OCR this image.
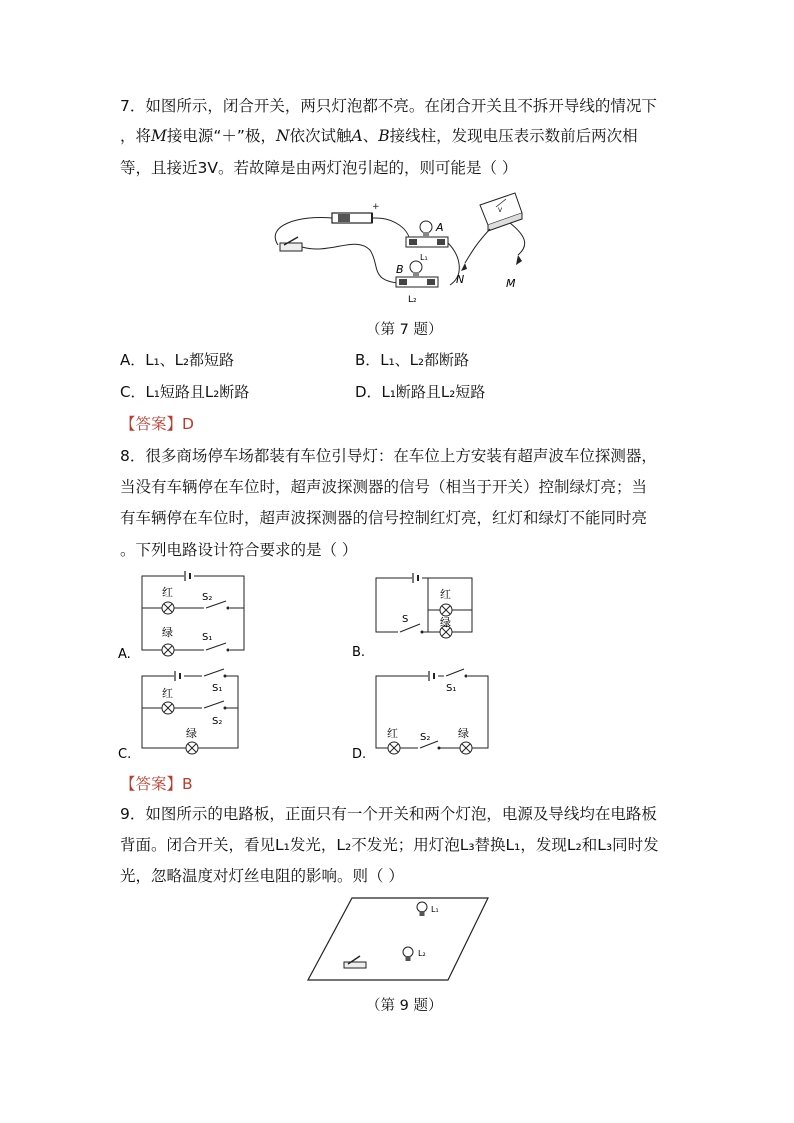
7．如图所示，闭合开关，两只灯泡都不亮。在闭合开关且不拆开导线的情况下
，将M接电源“＋”极，N依次试触A、B接线柱，发现电压表示数前后两次相
等，且接近3V。若故障是由两灯泡引起的，则可能是（ ）
+
A
L₁
B
L₂
V
N	M
（第 7 题）
A．L₁、L₂都短路	B．L₁、L₂都断路
C．L₁短路且L₂断路	D．L₁断路且L₂短路
【答案】D
8．很多商场停车场都装有车位引导灯：在车位上方安装有超声波车位探测器，
当没有车辆停在车位时，超声波探测器的信号（相当于开关）控制绿灯亮；当
有车辆停在车位时，超声波探测器的信号控制红灯亮，红灯和绿灯不能同时亮
。下列电路设计符合要求的是（ ）
红	S₂
绿	S₁
A.
S
红
绿
B.
S₁
红
S₂
绿
C.
S₁
红 S₂	绿
D.
【答案】B
9．如图所示的电路板，正面只有一个开关和两个灯泡，电源及导线均在电路板
背面。闭合开关，看见L₁发光，L₂不发光；用灯泡L₃替换L₁，发现L₂和L₃同时发
光，忽略温度对灯丝电阻的影响。则（ ）
L₁
L₂
（第 9 题）
